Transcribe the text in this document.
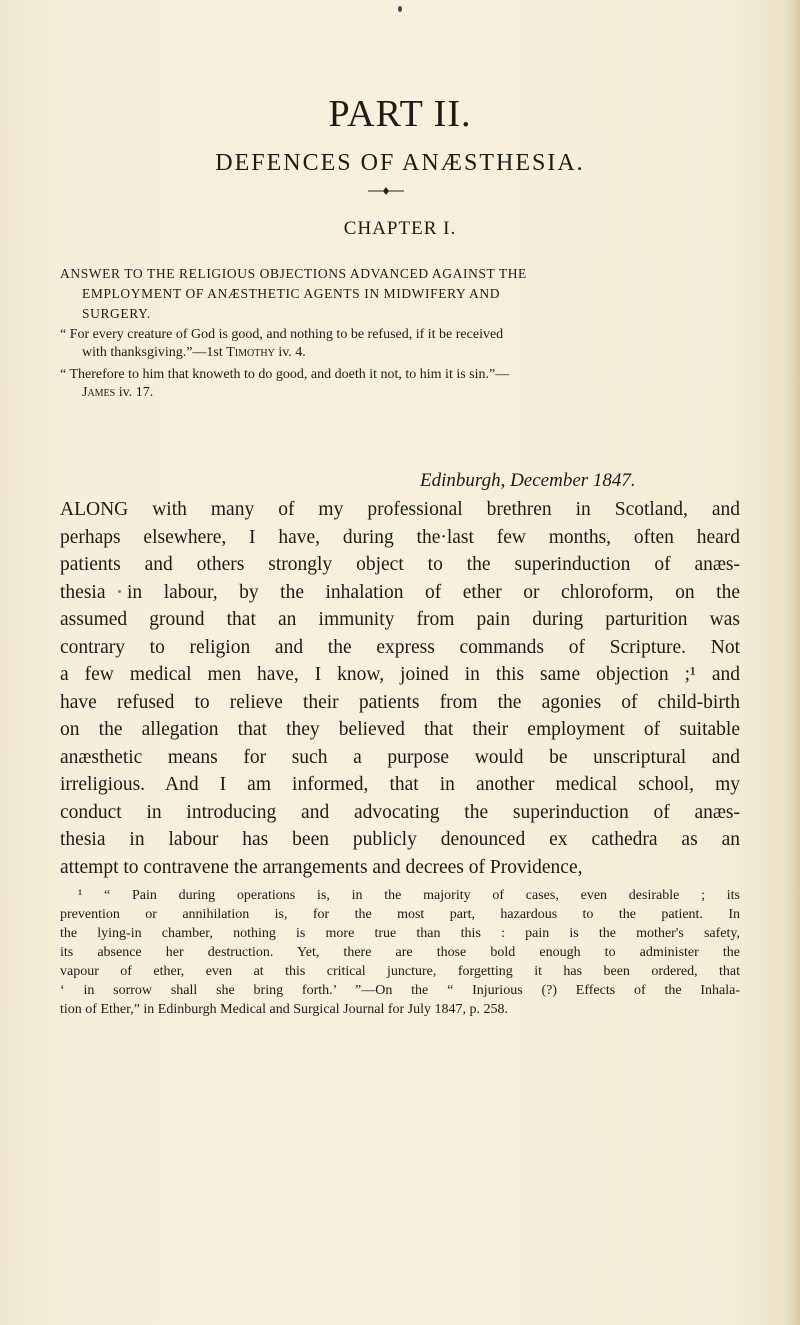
PART II.
DEFENCES OF ANÆSTHESIA.
CHAPTER I.
ANSWER TO THE RELIGIOUS OBJECTIONS ADVANCED AGAINST THE
EMPLOYMENT OF ANÆSTHETIC AGENTS IN MIDWIFERY AND
SURGERY.
“ For every creature of God is good, and nothing to be refused, if it be received
with thanksgiving.”—1st Timothy iv. 4.
“ Therefore to him that knoweth to do good, and doeth it not, to him it is sin.”—
James iv. 17.
Edinburgh, December 1847.
ALONG with many of my professional brethren in Scotland, and
perhaps elsewhere, I have, during the·last few months, often heard
patients and others strongly object to the superinduction of anæs-
thesia in labour, by the inhalation of ether or chloroform, on the
assumed ground that an immunity from pain during parturition was
contrary to religion and the express commands of Scripture. Not
a few medical men have, I know, joined in this same objection ;¹ and
have refused to relieve their patients from the agonies of child-birth
on the allegation that they believed that their employment of suitable
anæsthetic means for such a purpose would be unscriptural and
irreligious. And I am informed, that in another medical school, my
conduct in introducing and advocating the superinduction of anæs-
thesia in labour has been publicly denounced ex cathedra as an
attempt to contravene the arrangements and decrees of Providence,
¹ “ Pain during operations is, in the majority of cases, even desirable ; its
prevention or annihilation is, for the most part, hazardous to the patient. In
the lying-in chamber, nothing is more true than this : pain is the mother's safety,
its absence her destruction. Yet, there are those bold enough to administer the
vapour of ether, even at this critical juncture, forgetting it has been ordered, that
‘ in sorrow shall she bring forth.’ ”—On the “ Injurious (?) Effects of the Inhala-
tion of Ether,” in Edinburgh Medical and Surgical Journal for July 1847, p. 258.
